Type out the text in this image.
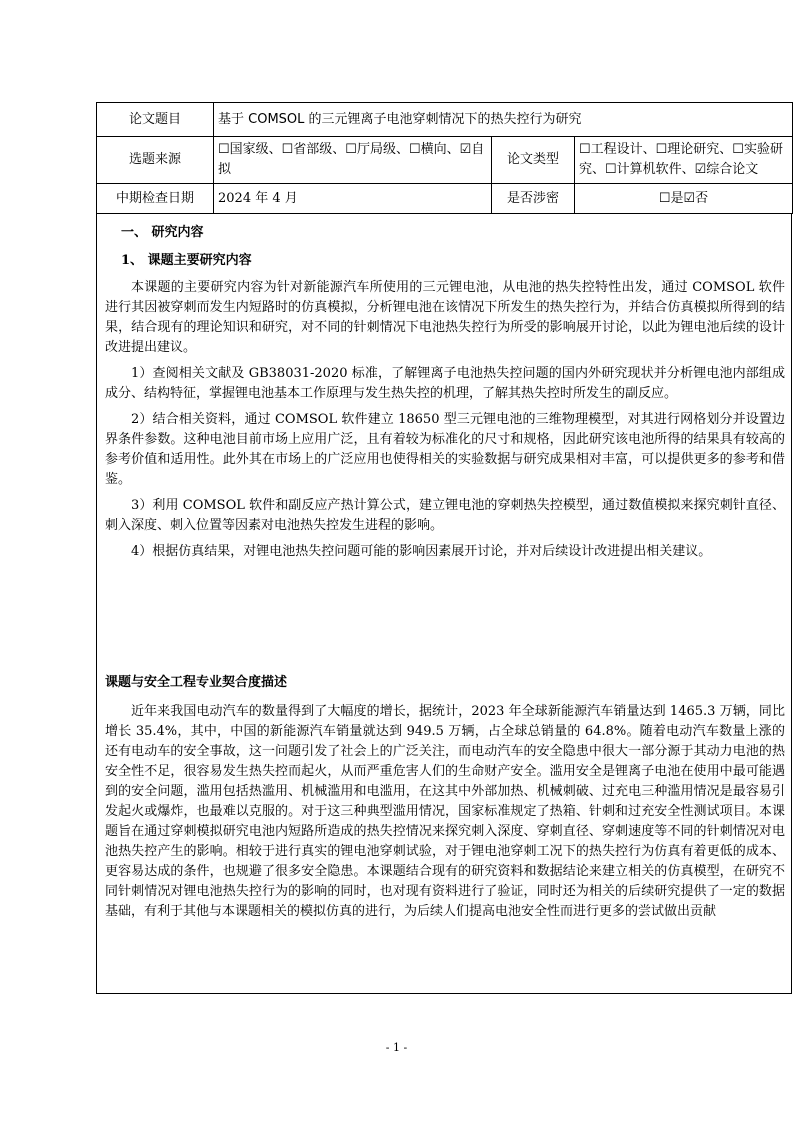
论文题目	基于 COMSOL 的三元锂离子电池穿刺情况下的热失控行为研究		
选题来源	☐国家级、☐省部级、☐厅局级、☐横向、☑自拟	论文类型	☐工程设计、☐理论研究、☐实验研究、☐计算机软件、☑综合论文
中期检查日期	2024 年 4 月	是否涉密	☐是☑否
一、 研究内容
1、 课题主要研究内容

本课题的主要研究内容为针对新能源汽车所使用的三元锂电池，从电池的热失控特性出发，通过 COMSOL 软件进行其因被穿刺而发生内短路时的仿真模拟，分析锂电池在该情况下所发生的热失控行为，并结合仿真模拟所得到的结果，结合现有的理论知识和研究，对不同的针刺情况下电池热失控行为所受的影响展开讨论，以此为锂电池后续的设计改进提出建议。

1）查阅相关文献及 GB38031-2020 标准，了解锂离子电池热失控问题的国内外研究现状并分析锂电池内部组成成分、结构特征，掌握锂电池基本工作原理与发生热失控的机理，了解其热失控时所发生的副反应。

2）结合相关资料，通过 COMSOL 软件建立 18650 型三元锂电池的三维物理模型，对其进行网格划分并设置边界条件参数。这种电池目前市场上应用广泛，且有着较为标准化的尺寸和规格，因此研究该电池所得的结果具有较高的参考价值和适用性。此外其在市场上的广泛应用也使得相关的实验数据与研究成果相对丰富，可以提供更多的参考和借鉴。

3）利用 COMSOL 软件和副反应产热计算公式，建立锂电池的穿刺热失控模型，通过数值模拟来探究刺针直径、刺入深度、刺入位置等因素对电池热失控发生进程的影响。

4）根据仿真结果，对锂电池热失控问题可能的影响因素展开讨论，并对后续设计改进提出相关建议。

课题与安全工程专业契合度描述

近年来我国电动汽车的数量得到了大幅度的增长，据统计，2023 年全球新能源汽车销量达到 1465.3 万辆，同比增长 35.4%，其中，中国的新能源汽车销量就达到 949.5 万辆，占全球总销量的 64.8%。随着电动汽车数量上涨的还有电动车的安全事故，这一问题引发了社会上的广泛关注，而电动汽车的安全隐患中很大一部分源于其动力电池的热安全性不足，很容易发生热失控而起火，从而严重危害人们的生命财产安全。滥用安全是锂离子电池在使用中最可能遇到的安全问题，滥用包括热滥用、机械滥用和电滥用，在这其中外部加热、机械刺破、过充电三种滥用情况是最容易引发起火或爆炸，也最难以克服的。对于这三种典型滥用情况，国家标准规定了热箱、针刺和过充安全性测试项目。本课题旨在通过穿刺模拟研究电池内短路所造成的热失控情况来探究刺入深度、穿刺直径、穿刺速度等不同的针刺情况对电池热失控产生的影响。相较于进行真实的锂电池穿刺试验，对于锂电池穿刺工况下的热失控行为仿真有着更低的成本、更容易达成的条件，也规避了很多安全隐患。本课题结合现有的研究资料和数据结论来建立相关的仿真模型，在研究不同针刺情况对锂电池热失控行为的影响的同时，也对现有资料进行了验证，同时还为相关的后续研究提供了一定的数据基础，有利于其他与本课题相关的模拟仿真的进行，为后续人们提高电池安全性而进行更多的尝试做出贡献

- 1 -
